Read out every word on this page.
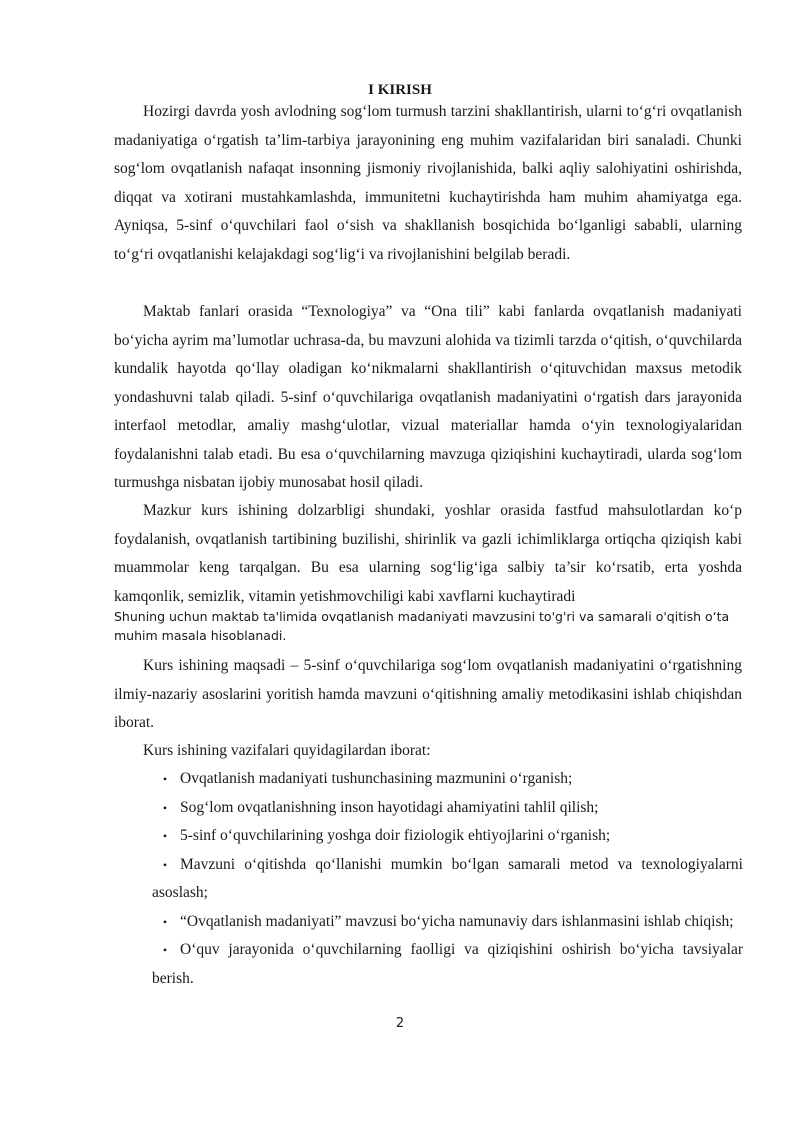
I KIRISH

Hozirgi davrda yosh avlodning sog‘lom turmush tarzini shakllantirish, ularni to‘g‘ri ovqatlanish madaniyatiga o‘rgatish ta’lim-tarbiya jarayonining eng muhim vazifalaridan biri sanaladi. Chunki sog‘lom ovqatlanish nafaqat insonning jismoniy rivojlanishida, balki aqliy salohiyatini oshirishda, diqqat va xotirani mustahkamlashda, immunitetni kuchaytirishda ham muhim ahamiyatga ega. Ayniqsa, 5-sinf o‘quvchilari faol o‘sish va shakllanish bosqichida bo‘lganligi sababli, ularning to‘g‘ri ovqatlanishi kelajakdagi sog‘lig‘i va rivojlanishini belgilab beradi.

Maktab fanlari orasida “Texnologiya” va “Ona tili” kabi fanlarda ovqatlanish madaniyati bo‘yicha ayrim ma’lumotlar uchrasa-da, bu mavzuni alohida va tizimli tarzda o‘qitish, o‘quvchilarda kundalik hayotda qo‘llay oladigan ko‘nikmalarni shakllantirish o‘qituvchidan maxsus metodik yondashuvni talab qiladi. 5-sinf o‘quvchilariga ovqatlanish madaniyatini o‘rgatish dars jarayonida interfaol metodlar, amaliy mashg‘ulotlar, vizual materiallar hamda o‘yin texnologiyalaridan foydalanishni talab etadi. Bu esa o‘quvchilarning mavzuga qiziqishini kuchaytiradi, ularda sog‘lom turmushga nisbatan ijobiy munosabat hosil qiladi.

Mazkur kurs ishining dolzarbligi shundaki, yoshlar orasida fastfud mahsulotlardan ko‘p foydalanish, ovqatlanish tartibining buzilishi, shirinlik va gazli ichimliklarga ortiqcha qiziqish kabi muammolar keng tarqalgan. Bu esa ularning sog‘lig‘iga salbiy ta’sir ko‘rsatib, erta yoshda kamqonlik, semizlik, vitamin yetishmovchiligi kabi xavflarni kuchaytiradi

Shuning uchun maktab ta'limida ovqatlanish madaniyati mavzusini to'g'ri va samarali o'qitish o‘ta muhim masala hisoblanadi.

Kurs ishining maqsadi – 5-sinf o‘quvchilariga sog‘lom ovqatlanish madaniyatini o‘rgatishning ilmiy-nazariy asoslarini yoritish hamda mavzuni o‘qitishning amaliy metodikasini ishlab chiqishdan iborat.

Kurs ishining vazifalari quyidagilardan iborat:

• Ovqatlanish madaniyati tushunchasining mazmunini o‘rganish;
• Sog‘lom ovqatlanishning inson hayotidagi ahamiyatini tahlil qilish;
• 5-sinf o‘quvchilarining yoshga doir fiziologik ehtiyojlarini o‘rganish;
• Mavzuni o‘qitishda qo‘llanishi mumkin bo‘lgan samarali metod va texnologiyalarni asoslash;
• “Ovqatlanish madaniyati” mavzusi bo‘yicha namunaviy dars ishlanmasini ishlab chiqish;
• O‘quv jarayonida o‘quvchilarning faolligi va qiziqishini oshirish bo‘yicha tavsiyalar berish.
2
